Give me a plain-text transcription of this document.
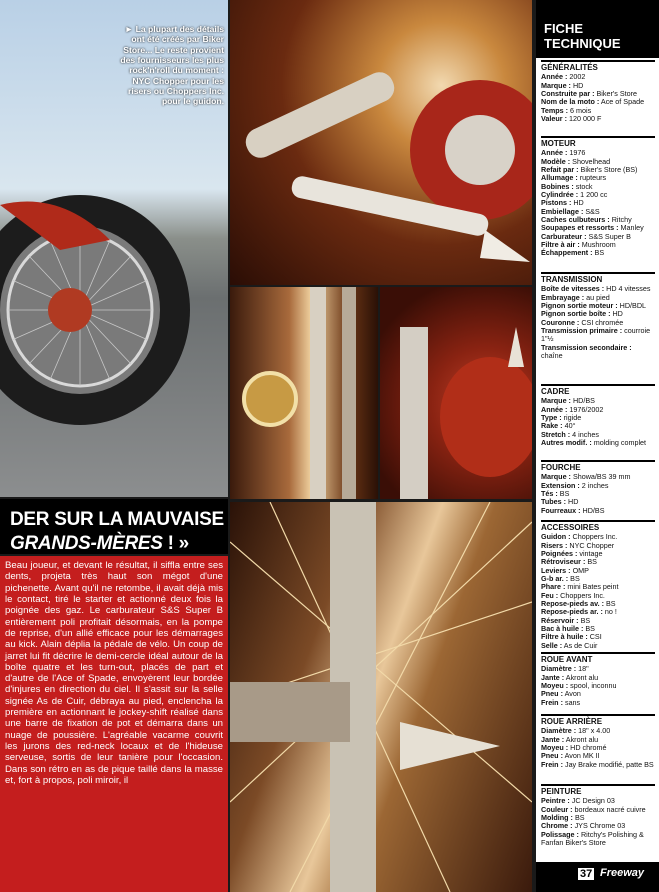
► La plupart des détails ont été créés par Biker Store... Le reste provient des fournisseurs les plus rock'n'roll du moment : NYC Chopper pour les risers ou Choppers Inc. pour le guidon.
DER SUR LA MAUVAISE
GRANDS-MÈRES ! »
Beau joueur, et devant le résultat, il siffla entre ses dents, projeta très haut son mégot d'une pichenette. Avant qu'il ne retombe, il avait déjà mis le contact, tiré le starter et actionné deux fois la poignée des gaz. Le carburateur S&S Super B entièrement poli profitait désormais, en la pompe de reprise, d'un allié efficace pour les démarrages au kick. Alain déplia la pédale de vélo. Un coup de jarret lui fit décrire le demi-cercle idéal autour de la boîte quatre et les turn-out, placés de part et d'autre de l'Ace of Spade, envoyèrent leur bordée d'injures en direction du ciel. Il s'assit sur la selle signée As de Cuir, débraya au pied, enclencha la première en actionnant le jockey-shift réalisé dans une barre de fixation de pot et démarra dans un nuage de poussière. L'agréable vacarme couvrit les jurons des red-neck locaux et de l'hideuse serveuse, sortis de leur tanière pour l'occasion. Dans son rétro en as de pique taillé dans la masse et, fort à propos, poli miroir, il
FICHE
TECHNIQUE
GÉNÉRALITÉS
Année : 2002
Marque : HD
Construite par : Biker's Store
Nom de la moto : Ace of Spade
Temps : 6 mois
Valeur : 120 000 F
MOTEUR
Année : 1976
Modèle : Shovelhead
Refait par : Biker's Store (BS)
Allumage : rupteurs
Bobines : stock
Cylindrée : 1 200 cc
Pistons : HD
Embiellage : S&S
Caches culbuteurs : Ritchy
Soupapes et ressorts : Manley
Carburateur : S&S Super B
Filtre à air : Mushroom
Échappement : BS
TRANSMISSION
Boîte de vitesses : HD 4 vitesses
Embrayage : au pied
Pignon sortie moteur : HD/BDL
Pignon sortie boîte : HD
Couronne : CSI chromée
Transmission primaire : courroie 1"½
Transmission secondaire : chaîne
CADRE
Marque : HD/BS
Année : 1976/2002
Type : rigide
Rake : 40°
Stretch : 4 inches
Autres modif. : molding complet
FOURCHE
Marque : Showa/BS 39 mm
Extension : 2 inches
Tés : BS
Tubes : HD
Fourreaux : HD/BS
ACCESSOIRES
Guidon : Choppers Inc.
Risers : NYC Chopper
Poignées : vintage
Rétroviseur : BS
Leviers : OMP
G-b ar. : BS
Phare : mini Bates peint
Feu : Choppers Inc.
Repose-pieds av. : BS
Repose-pieds ar. : no !
Réservoir : BS
Bac à huile : BS
Filtre à huile : CSI
Selle : As de Cuir
ROUE AVANT
Diamètre : 18"
Jante : Akront alu
Moyeu : spool, inconnu
Pneu : Avon
Frein : sans
ROUE ARRIÈRE
Diamètre : 18" x 4.00
Jante : Akront alu
Moyeu : HD chromé
Pneu : Avon MK II
Frein : Jay Brake modifié, patte BS
PEINTURE
Peintre : JC Design 03
Couleur : bordeaux nacré cuivre
Molding : BS
Chrome : JYS Chrome 03
Polissage : Ritchy's Polishing & Fanfan Biker's Store
37 Freeway
